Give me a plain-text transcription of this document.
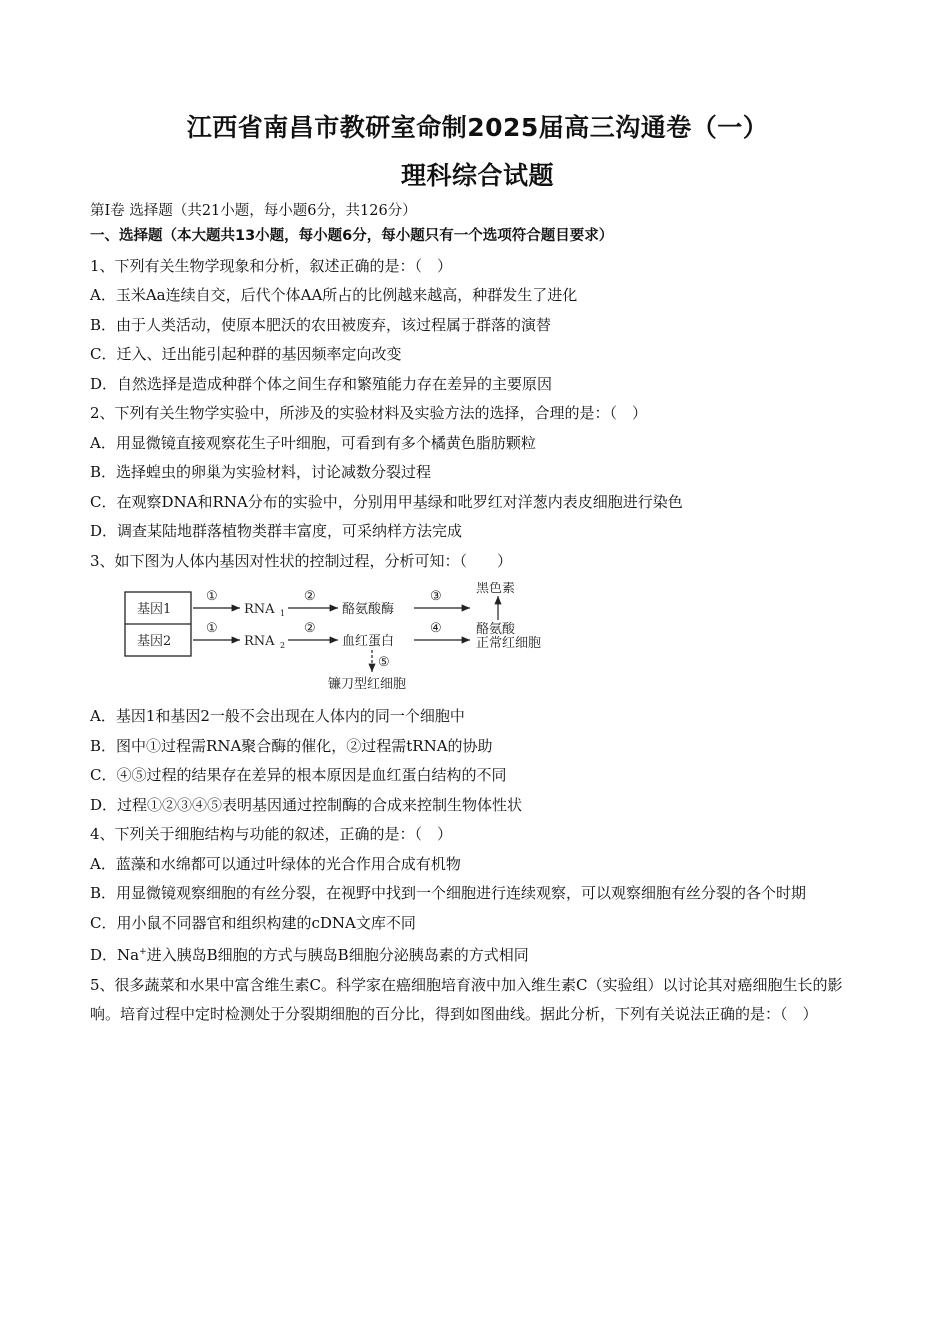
江西省南昌市教研室命制2025届高三沟通卷（一）
理科综合试题
第I卷 选择题（共21小题，每小题6分，共126分）
一、选择题（本大题共13小题，每小题6分，每小题只有一个选项符合题目要求）
1、下列有关生物学现象和分析，叙述正确的是：（　）
A．玉米Aa连续自交，后代个体AA所占的比例越来越高，种群发生了进化
B．由于人类活动，使原本肥沃的农田被废弃，该过程属于群落的演替
C．迁入、迁出能引起种群的基因频率定向改变
D．自然选择是造成种群个体之间生存和繁殖能力存在差异的主要原因
2、下列有关生物学实验中，所涉及的实验材料及实验方法的选择，合理的是：（　）
A．用显微镜直接观察花生子叶细胞，可看到有多个橘黄色脂肪颗粒
B．选择蝗虫的卵巢为实验材料，讨论减数分裂过程
C．在观察DNA和RNA分布的实验中，分别用甲基绿和吡罗红对洋葱内表皮细胞进行染色
D．调查某陆地群落植物类群丰富度，可采纳样方法完成
3、如下图为人体内基因对性状的控制过程，分析可知：（　　）
基因1
基因2
①
RNA 1
②
酪氨酸酶
③
黑色素
酪氨酸
①
RNA 2
②
血红蛋白
④
正常红细胞
⑤
镰刀型红细胞
A．基因1和基因2一般不会出现在人体内的同一个细胞中
B．图中①过程需RNA聚合酶的催化，②过程需tRNA的协助
C．④⑤过程的结果存在差异的根本原因是血红蛋白结构的不同
D．过程①②③④⑤表明基因通过控制酶的合成来控制生物体性状
4、下列关于细胞结构与功能的叙述，正确的是：（　）
A．蓝藻和水绵都可以通过叶绿体的光合作用合成有机物
B．用显微镜观察细胞的有丝分裂，在视野中找到一个细胞进行连续观察，可以观察细胞有丝分裂的各个时期
C．用小鼠不同器官和组织构建的cDNA文库不同
D．Na+进入胰岛B细胞的方式与胰岛B细胞分泌胰岛素的方式相同
5、很多蔬菜和水果中富含维生素C。科学家在癌细胞培育液中加入维生素C（实验组）以讨论其对癌细胞生长的影响。培育过程中定时检测处于分裂期细胞的百分比，得到如图曲线。据此分析，下列有关说法正确的是：（　）
